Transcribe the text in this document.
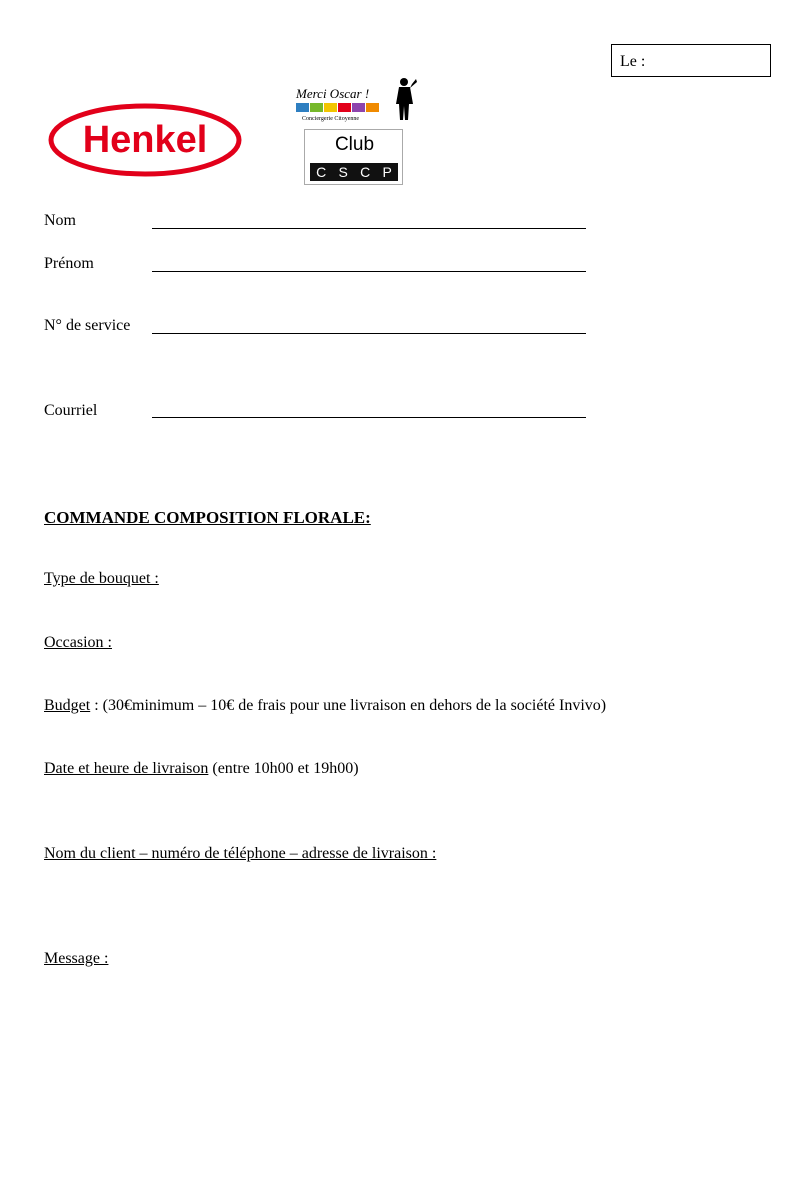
Le :
Henkel
Merci Oscar !
Conciergerie Citoyenne
Club
C S C P
Nom
Prénom
N° de service
Courriel
COMMANDE COMPOSITION FLORALE:
Type de bouquet :
Occasion :
Budget : (30€minimum – 10€ de frais pour une livraison en dehors de la société Invivo)
Date et heure de livraison (entre 10h00 et 19h00)
Nom du client – numéro de téléphone – adresse de livraison :
Message :
